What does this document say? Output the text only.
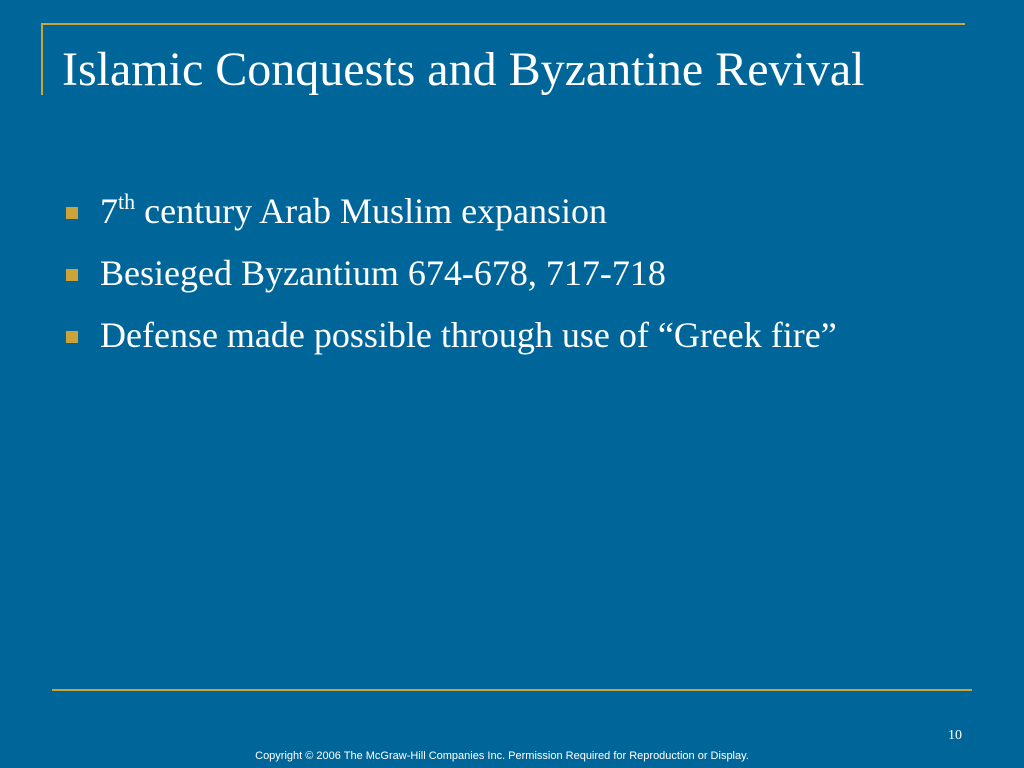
Islamic Conquests and Byzantine Revival
7th century Arab Muslim expansion
Besieged Byzantium 674-678, 717-718
Defense made possible through use of “Greek fire”
10
Copyright © 2006 The McGraw-Hill Companies Inc. Permission Required for Reproduction or Display.
